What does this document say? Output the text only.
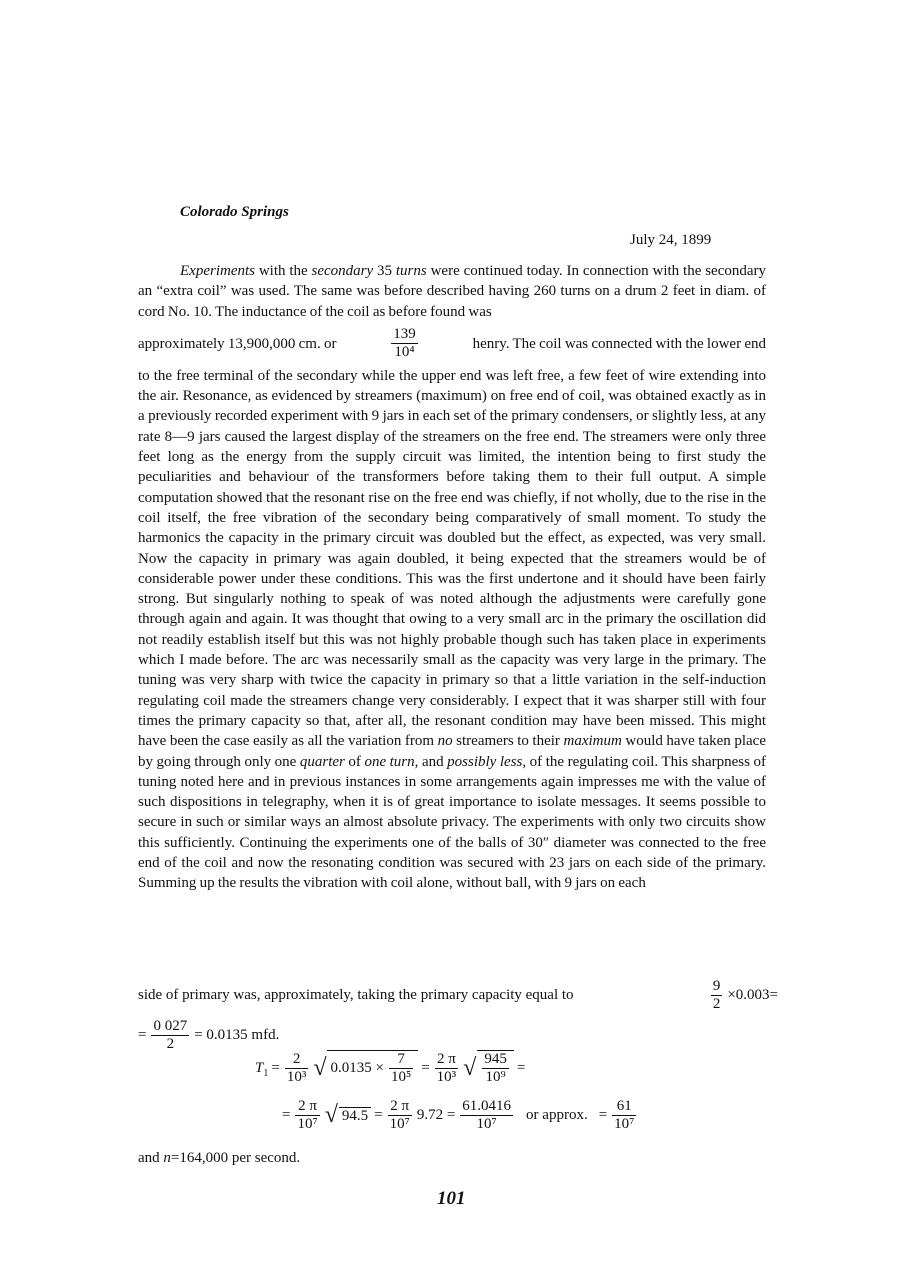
Colorado Springs
July 24, 1899

Experiments with the secondary 35 turns were continued today. In connection with the secondary an “extra coil” was used. The same was before described having 260 turns on a drum 2 feet in diam. of cord No. 10. The inductance of the coil as before found was

approximately 13,900,000 cm. or	$\frac{139}{\text{10⁴}}$	henry. The coil was connected with the lower end

to the free terminal of the secondary while the upper end was left free, a few feet of wire extending into the air. Resonance, as evidenced by streamers (maximum) on free end of coil, was obtained exactly as in a previously recorded experiment with 9 jars in each set of the primary condensers, or slightly less, at any rate 8—9 jars caused the largest display of the streamers on the free end. The streamers were only three feet long as the energy from the supply circuit was limited, the intention being to first study the peculiarities and behaviour of the transformers before taking them to their full output. A simple computation showed that the resonant rise on the free end was chiefly, if not wholly, due to the rise in the coil itself, the free vibration of the secondary being comparatively of small moment. To study the harmonics the capacity in the primary circuit was doubled but the effect, as expected, was very small. Now the capacity in primary was again doubled, it being expected that the streamers would be of considerable power under these conditions. This was the first undertone and it should have been fairly strong. But singularly nothing to speak of was noted although the adjustments were carefully gone through again and again. It was thought that owing to a very small arc in the primary the oscillation did not readily establish itself but this was not highly probable though such has taken place in experiments which I made before. The arc was necessarily small as the capacity was very large in the primary. The tuning was very sharp with twice the capacity in primary so that a little variation in the self-induction regulating coil made the streamers change very considerably. I expect that it was sharper still with four times the primary capacity so that, after all, the resonant condition may have been missed. This might have been the case easily as all the variation from no streamers to their maximum would have taken place by going through only one quarter of one turn, and possibly less, of the regulating coil. This sharpness of tuning noted here and in previous instances in some arrangements again impresses me with the value of such dispositions in telegraphy, when it is of great importance to isolate messages. It seems possible to secure in such or similar ways an almost absolute privacy. The experiments with only two circuits show this sufficiently. Continuing the experiments one of the balls of 30″ diameter was connected to the free end of the coil and now the resonating condition was secured with 23 jars on each side of the primary. Summing up the results the vibration with coil alone, without ball, with 9 jars on each

side of primary was, approximately, taking the primary capacity equal to	$\frac{9}{2} \times 0.003=$
= $\frac{0 027}{2} = 0.0135$ mfd.
$T_1 = \frac{2}{\text{10³}}$ √ $0.0135 \times \frac{7}{\text{10⁵}} = \frac{2 \pi}{\text{10³}}$ √ $\frac{945}{\text{10⁹}}$ =
= $\frac{2 \pi}{\text{10⁷}}$ √ $94.5 = \frac{2 \pi}{\text{10⁷}} 9.72 = \frac{61.0416}{\text{10⁷}}$ or approx. = $\frac{61}{\text{10⁷}}$
and n=164,000 per second.
101
